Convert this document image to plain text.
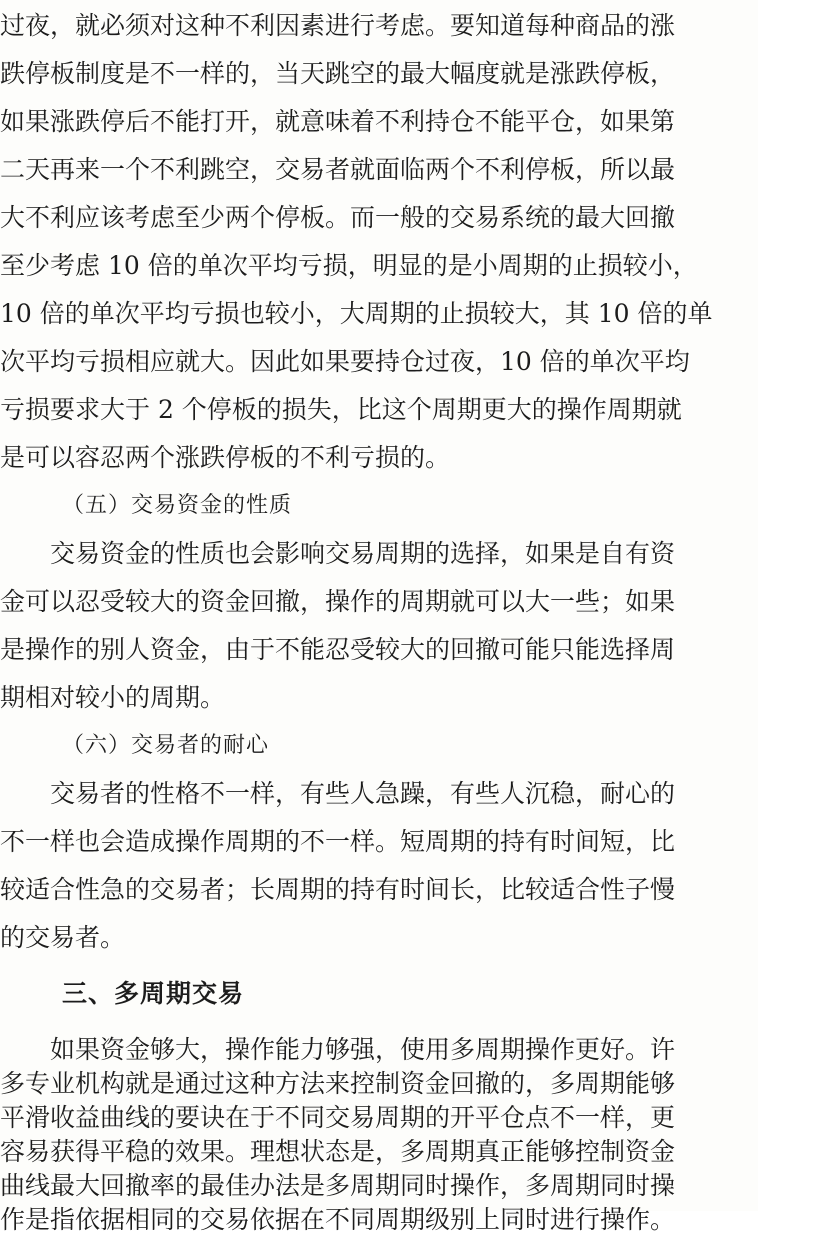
过夜，就必须对这种不利因素进行考虑。要知道每种商品的涨
跌停板制度是不一样的，当天跳空的最大幅度就是涨跌停板，
如果涨跌停后不能打开，就意味着不利持仓不能平仓，如果第
二天再来一个不利跳空，交易者就面临两个不利停板，所以最
大不利应该考虑至少两个停板。而一般的交易系统的最大回撤
至少考虑 10 倍的单次平均亏损，明显的是小周期的止损较小，
10 倍的单次平均亏损也较小，大周期的止损较大，其 10 倍的单
次平均亏损相应就大。因此如果要持仓过夜，10 倍的单次平均
亏损要求大于 2 个停板的损失，比这个周期更大的操作周期就
是可以容忍两个涨跌停板的不利亏损的。
（五）交易资金的性质
交易资金的性质也会影响交易周期的选择，如果是自有资
金可以忍受较大的资金回撤，操作的周期就可以大一些；如果
是操作的别人资金，由于不能忍受较大的回撤可能只能选择周
期相对较小的周期。
（六）交易者的耐心
交易者的性格不一样，有些人急躁，有些人沉稳，耐心的
不一样也会造成操作周期的不一样。短周期的持有时间短，比
较适合性急的交易者；长周期的持有时间长，比较适合性子慢
的交易者。
三、多周期交易
如果资金够大，操作能力够强，使用多周期操作更好。许
多专业机构就是通过这种方法来控制资金回撤的，多周期能够
平滑收益曲线的要诀在于不同交易周期的开平仓点不一样，更
容易获得平稳的效果。理想状态是，多周期真正能够控制资金
曲线最大回撤率的最佳办法是多周期同时操作，多周期同时操
作是指依据相同的交易依据在不同周期级别上同时进行操作。
